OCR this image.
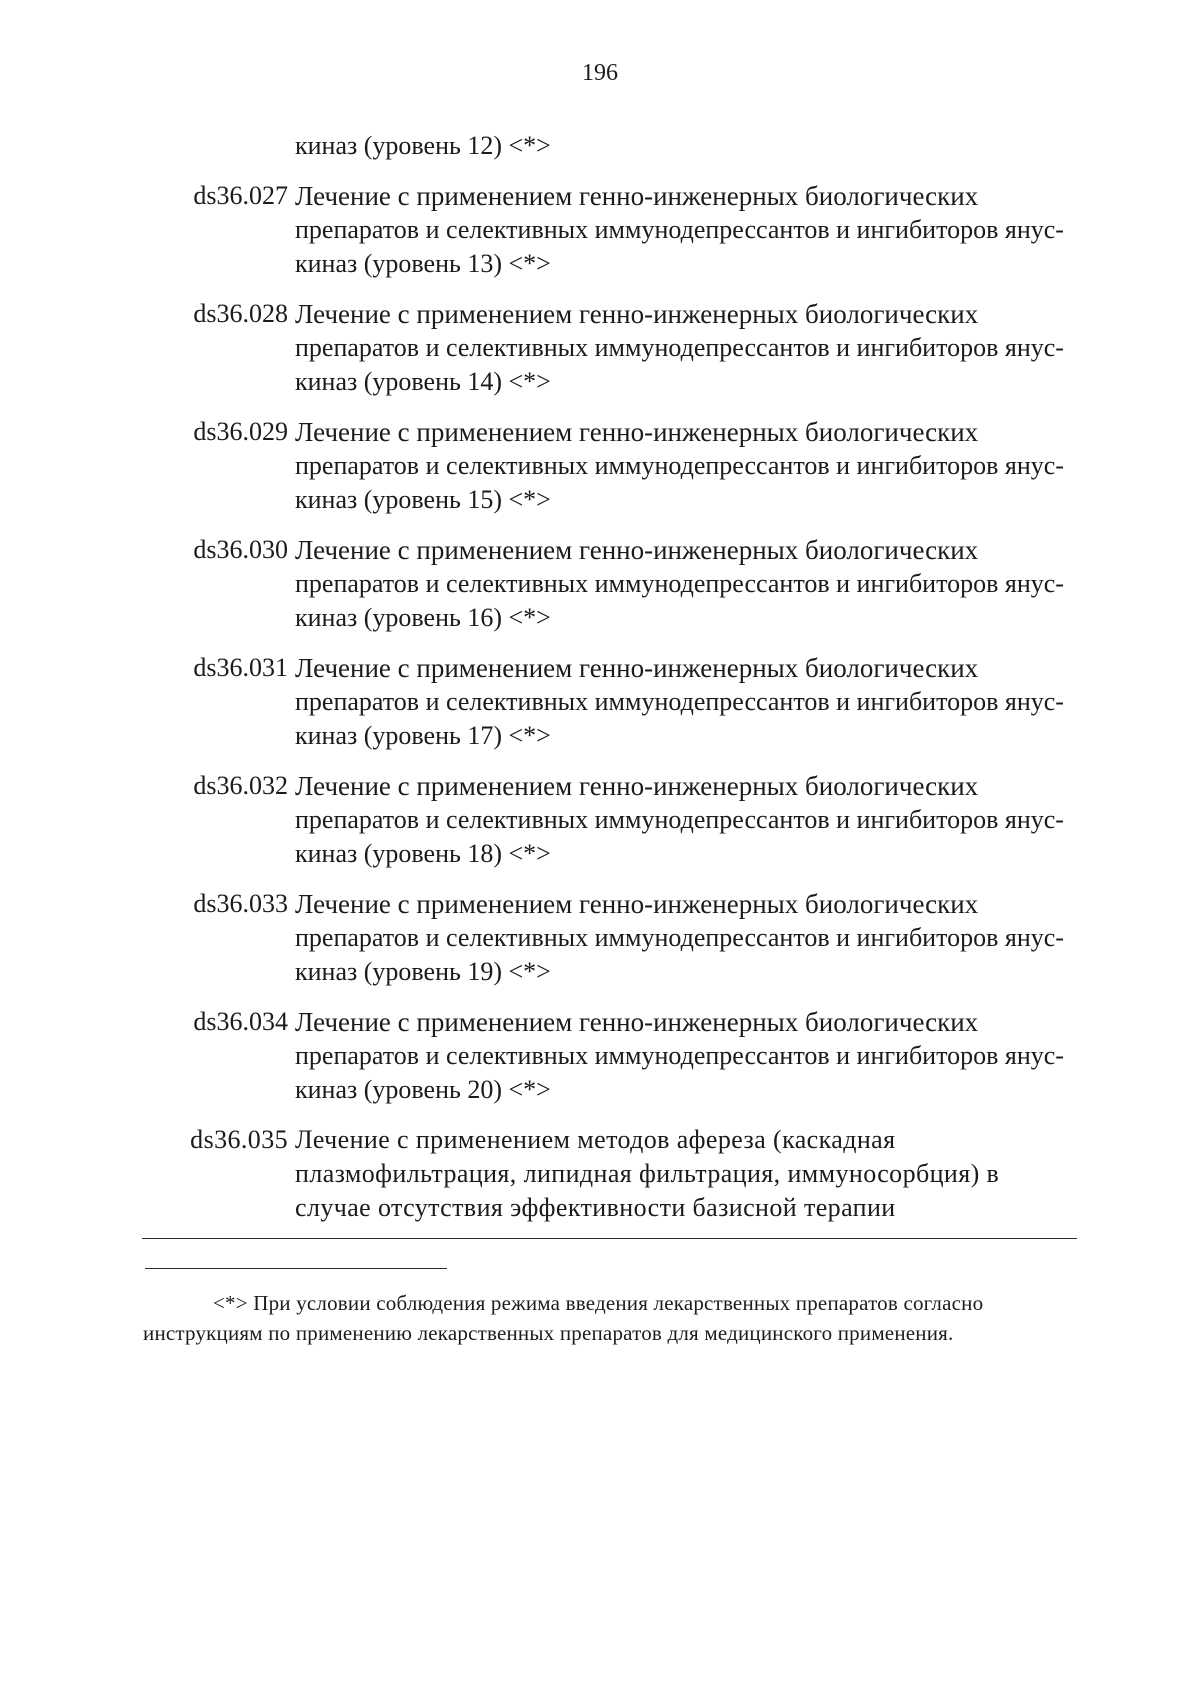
196
киназ (уровень 12) <*>
ds36.027 Лечение с применением генно-инженерных биологических
препаратов и селективных иммунодепрессантов и ингибиторов янус-
киназ (уровень 13) <*>
ds36.028 Лечение с применением генно-инженерных биологических
препаратов и селективных иммунодепрессантов и ингибиторов янус-
киназ (уровень 14) <*>
ds36.029 Лечение с применением генно-инженерных биологических
препаратов и селективных иммунодепрессантов и ингибиторов янус-
киназ (уровень 15) <*>
ds36.030 Лечение с применением генно-инженерных биологических
препаратов и селективных иммунодепрессантов и ингибиторов янус-
киназ (уровень 16) <*>
ds36.031 Лечение с применением генно-инженерных биологических
препаратов и селективных иммунодепрессантов и ингибиторов янус-
киназ (уровень 17) <*>
ds36.032 Лечение с применением генно-инженерных биологических
препаратов и селективных иммунодепрессантов и ингибиторов янус-
киназ (уровень 18) <*>
ds36.033 Лечение с применением генно-инженерных биологических
препаратов и селективных иммунодепрессантов и ингибиторов янус-
киназ (уровень 19) <*>
ds36.034 Лечение с применением генно-инженерных биологических
препаратов и селективных иммунодепрессантов и ингибиторов янус-
киназ (уровень 20) <*>
ds36.035 Лечение с применением методов афереза (каскадная
плазмофильтрация, липидная фильтрация, иммуносорбция) в
случае отсутствия эффективности базисной терапии
<*> При условии соблюдения режима введения лекарственных препаратов согласно
инструкциям по применению лекарственных препаратов для медицинского применения.
